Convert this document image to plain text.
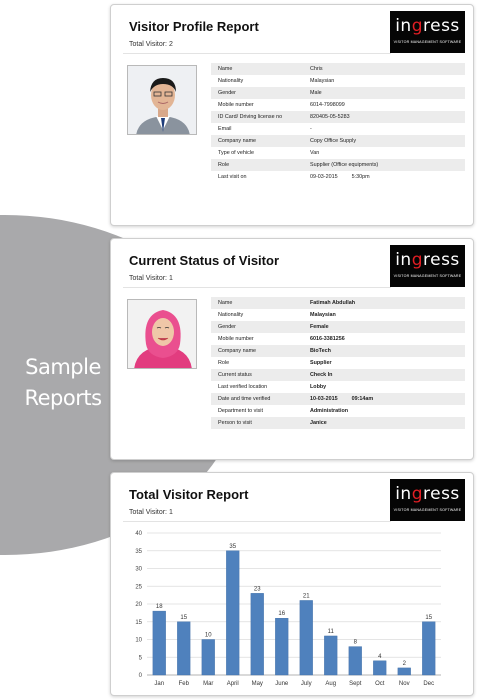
Sample
Reports
Visitor Profile Report
Total Visitor: 2
ingress
VISITOR MANAGEMENT SOFTWARE
Name	Chris
Nationality	Malaysian
Gender	Male
Mobile number	6014-7998099
ID Card/ Driving license no	820405-05-5283
Email	-
Company name	Copy Office Supply
Type of vehicle	Van
Role	Supplier (Office equipments)
Last visit on	09-03-2015	5:30pm
Current Status of Visitor
Total Visitor: 1
ingress
VISITOR MANAGEMENT SOFTWARE
Name	Fatimah Abdullah
Nationality	Malaysian
Gender	Female
Mobile number	6016-3381256
Company name	BioTech
Role	Supplier
Current status	Check In
Last verified location	Lobby
Date and time verified	10-03-2015	09:14am
Department to visit	Administration
Person to visit	Janice
Total Visitor Report
Total Visitor: 1
ingress
VISITOR MANAGEMENT SOFTWARE
0
5
10
15
20
25
30
35
40
18
Jan
15
Feb
10
Mar
35
April
23
May
16
June
21
July
11
Aug
8
Sept
4
Oct
2
Nov
15
Dec
